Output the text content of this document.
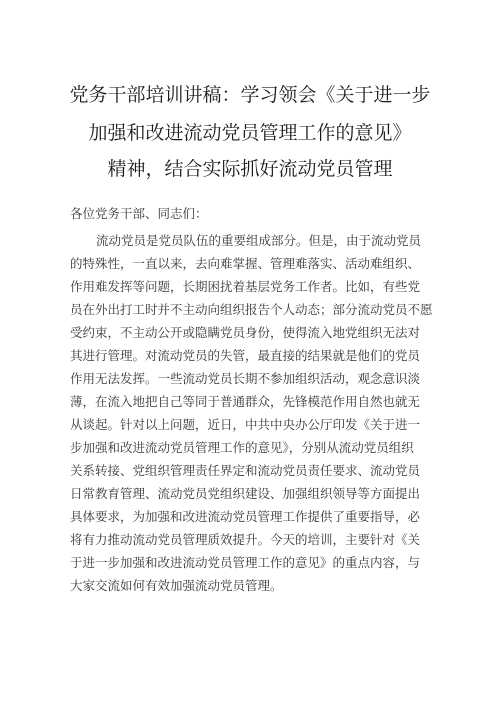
党务干部培训讲稿：学习领会《关于进一步
加强和改进流动党员管理工作的意见》
精神，结合实际抓好流动党员管理
各位党务干部、同志们：
流动党员是党员队伍的重要组成部分。但是，由于流动党员
的特殊性，一直以来，去向难掌握、管理难落实、活动难组织、
作用难发挥等问题，长期困扰着基层党务工作者。比如，有些党
员在外出打工时并不主动向组织报告个人动态；部分流动党员不愿
受约束，不主动公开或隐瞒党员身份，使得流入地党组织无法对
其进行管理。对流动党员的失管，最直接的结果就是他们的党员
作用无法发挥。一些流动党员长期不参加组织活动，观念意识淡
薄，在流入地把自己等同于普通群众，先锋模范作用自然也就无
从谈起。针对以上问题，近日，中共中央办公厅印发《关于进一
步加强和改进流动党员管理工作的意见》，分别从流动党员组织
关系转接、党组织管理责任界定和流动党员责任要求、流动党员
日常教育管理、流动党员党组织建设、加强组织领导等方面提出
具体要求，为加强和改进流动党员管理工作提供了重要指导，必
将有力推动流动党员管理质效提升。今天的培训，主要针对《关
于进一步加强和改进流动党员管理工作的意见》的重点内容，与
大家交流如何有效加强流动党员管理。
